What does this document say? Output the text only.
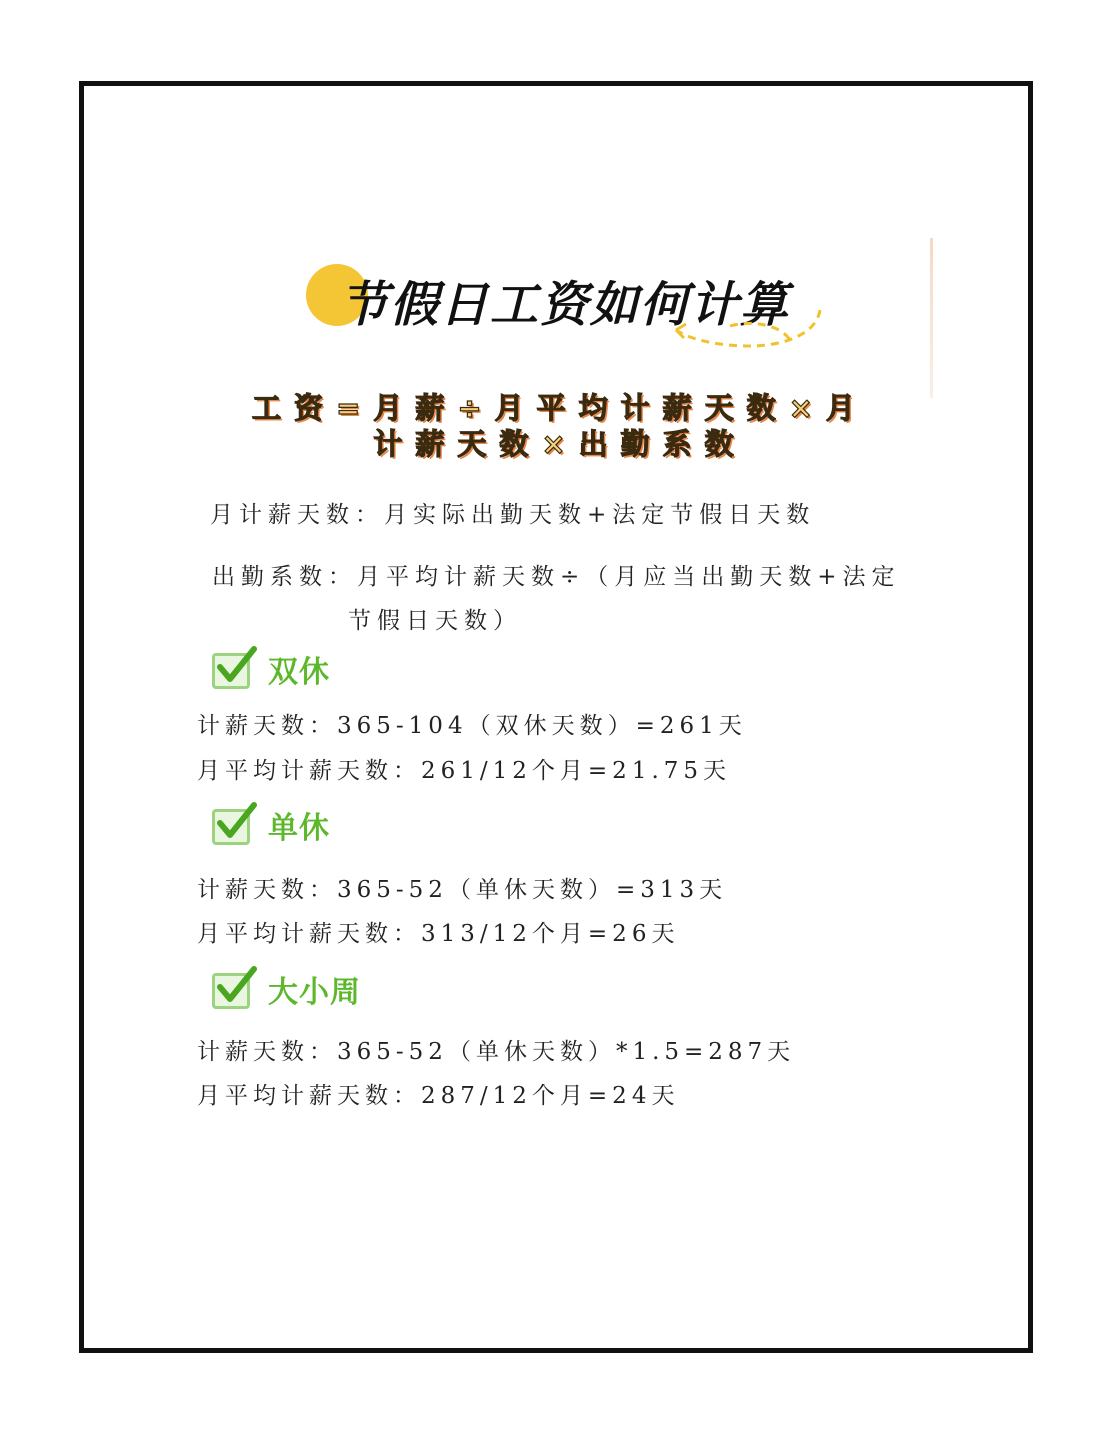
节假日工资如何计算
工资=月薪÷月平均计薪天数×月
计薪天数×出勤系数
月计薪天数：月实际出勤天数+法定节假日天数
出勤系数：月平均计薪天数÷（月应当出勤天数+法定
节假日天数）
双休
计薪天数：365-104（双休天数）=261天
月平均计薪天数：261/12个月=21.75天
单休
计薪天数：365-52（单休天数）=313天
月平均计薪天数：313/12个月=26天
大小周
计薪天数：365-52（单休天数）*1.5=287天
月平均计薪天数：287/12个月=24天
